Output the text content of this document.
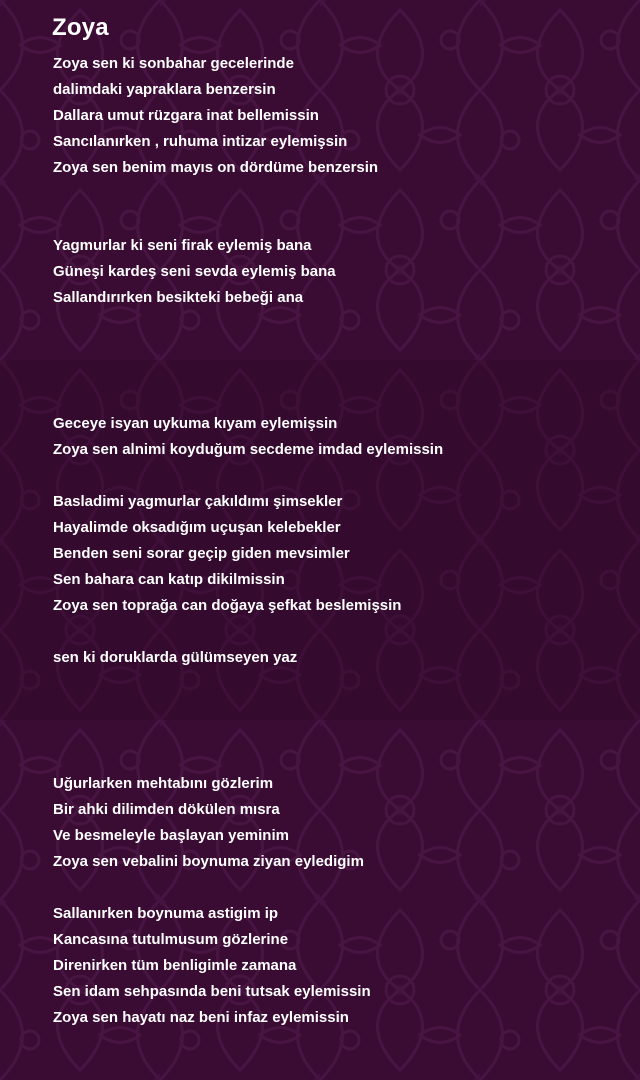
Zoya

Zoya sen ki sonbahar gecelerinde

dalimdaki yapraklara benzersin

Dallara umut rüzgara inat bellemissin

Sancılanırken , ruhuma intizar eylemişsin

Zoya sen benim mayıs on dördüme benzersin

Yagmurlar ki seni firak eylemiş bana

Güneşi kardeş seni sevda eylemiş bana

Sallandırırken besikteki bebeği ana

Geceye isyan uykuma kıyam eylemişsin

Zoya sen alnimi koyduğum secdeme imdad eylemissin

Basladimi yagmurlar çakıldımı şimsekler

Hayalimde oksadığım uçuşan kelebekler

Benden seni sorar geçip giden mevsimler

Sen bahara can katıp dikilmissin

Zoya sen toprağa can doğaya şefkat beslemişsin

sen ki doruklarda gülümseyen yaz

Uğurlarken mehtabını gözlerim

Bir ahki dilimden dökülen mısra

Ve besmeleyle başlayan yeminim

Zoya sen vebalini boynuma ziyan eyledigim

Sallanırken boynuma astigim ip

Kancasına tutulmusum gözlerine

Direnirken tüm benligimle zamana

Sen idam sehpasında beni tutsak eylemissin

Zoya sen hayatı naz beni infaz eylemissin
